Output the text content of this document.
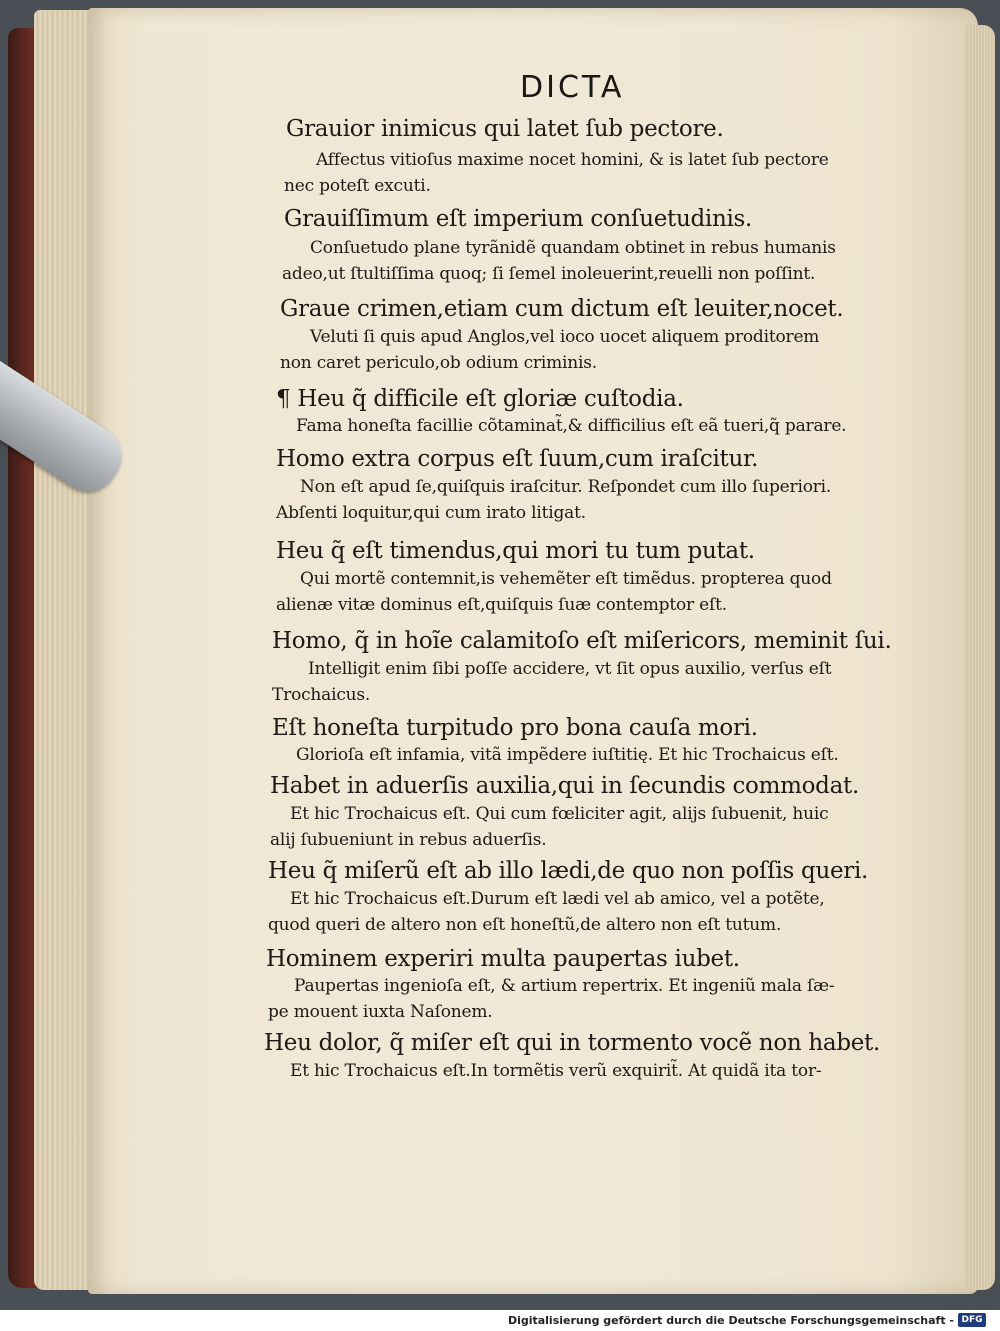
DICTA
Grauior inimicus qui latet ſub pectore.
Affectus vitioſus maxime nocet homini, & is latet ſub pectore
nec poteſt excuti.
Grauiſſimum eſt imperium conſuetudinis.
Conſuetudo plane tyrãnidẽ quandam obtinet in rebus humanis
adeo,ut ſtultiſſima quoq; ſi ſemel inoleuerint,reuelli non poſſint.
Graue crimen,etiam cum dictum eſt leuiter,nocet.
Veluti ſi quis apud Anglos,vel ioco uocet aliquem proditorem
non caret periculo,ob odium criminis.
¶ Heu q̃ difficile eſt gloriæ cuſtodia.
Fama honeſta facillie cõtaminat̃,& difficilius eſt eã tueri,q̃ parare.
Homo extra corpus eſt ſuum,cum iraſcitur.
Non eſt apud ſe,quiſquis iraſcitur. Reſpondet cum illo ſuperiori.
Abſenti loquitur,qui cum irato litigat.
Heu q̃ eſt timendus,qui mori tu tum putat.
Qui mortẽ contemnit,is vehemẽter eſt timẽdus. propterea quod
alienæ vitæ dominus eſt,quiſquis ſuæ contemptor eſt.
Homo, q̃ in hoĩe calamitoſo eſt miſericors, meminit ſui.
Intelligit enim ſibi poſſe accidere, vt ſit opus auxilio, verſus eſt
Trochaicus.
Eſt honeſta turpitudo pro bona cauſa mori.
Glorioſa eſt infamia, vitã impẽdere iuſtitię. Et hic Trochaicus eſt.
Habet in aduerſis auxilia,qui in ſecundis commodat.
Et hic Trochaicus eſt. Qui cum fœliciter agit, alijs ſubuenit, huic
alij ſubueniunt in rebus aduerſis.
Heu q̃ miſerũ eſt ab illo lædi,de quo non poſſis queri.
Et hic Trochaicus eſt.Durum eſt lædi vel ab amico, vel a potẽte,
quod queri de altero non eſt honeſtũ,de altero non eſt tutum.
Hominem experiri multa paupertas iubet.
Paupertas ingenioſa eſt, & artium repertrix. Et ingeniũ mala ſæ-
pe mouent iuxta Naſonem.
Heu dolor, q̃ miſer eſt qui in tormento vocẽ non habet.
Et hic Trochaicus eſt.In tormẽtis verũ exquirit̃. At quidã ita tor-
Digitalisierung gefördert durch die Deutsche Forschungsgemeinschaft - DFG
